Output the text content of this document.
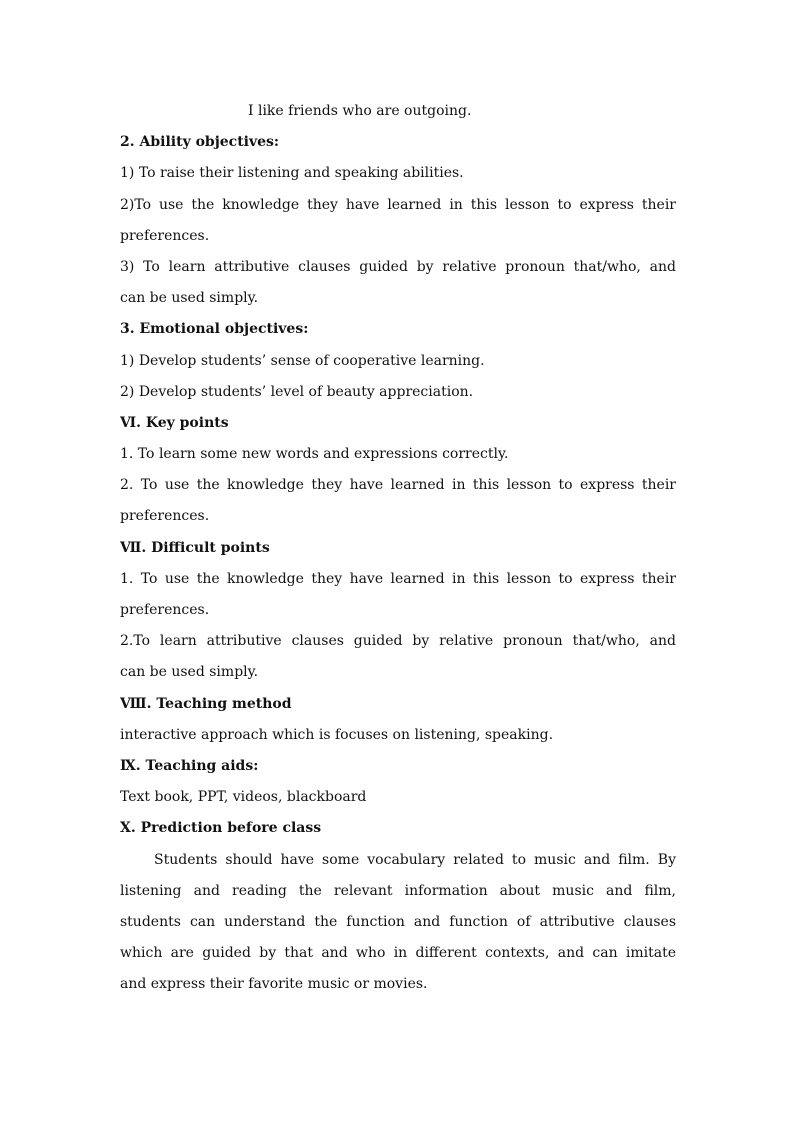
I like friends who are outgoing.
2. Ability objectives:
1) To raise their listening and speaking abilities.
2)To use the knowledge they have learned in this lesson to express their
preferences.
3) To learn attributive clauses guided by relative pronoun that/who, and
can be used simply.
3. Emotional objectives:
1) Develop students’ sense of cooperative learning.
2) Develop students’ level of beauty appreciation.
Ⅵ. Key points
1. To learn some new words and expressions correctly.
2. To use the knowledge they have learned in this lesson to express their
preferences.
Ⅶ. Difficult points
1. To use the knowledge they have learned in this lesson to express their
preferences.
2.To learn attributive clauses guided by relative pronoun that/who, and
can be used simply.
Ⅷ. Teaching method
interactive approach which is focuses on listening, speaking.
Ⅸ. Teaching aids:
Text book, PPT, videos, blackboard
Ⅹ. Prediction before class
Students should have some vocabulary related to music and film. By
listening and reading the relevant information about music and film,
students can understand the function and function of attributive clauses
which are guided by that and who in different contexts, and can imitate
and express their favorite music or movies.
